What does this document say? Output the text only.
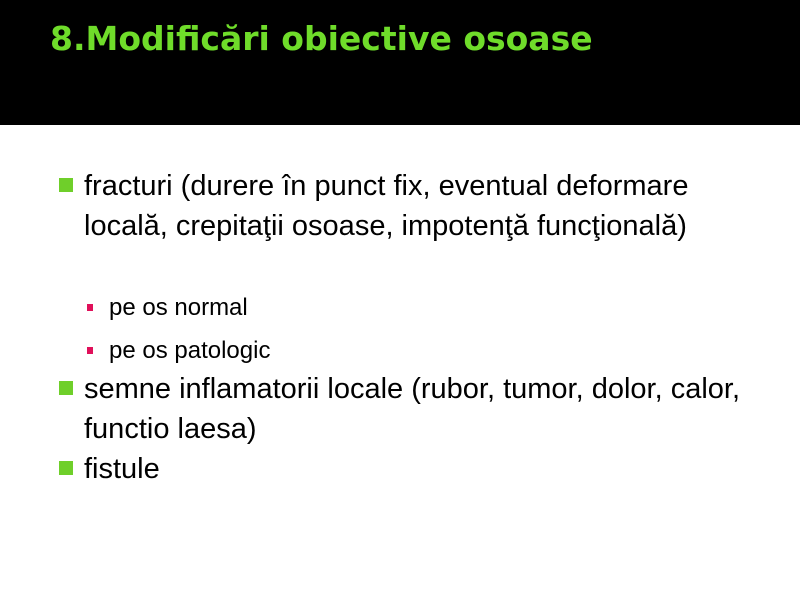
8.Modificări obiective osoase
fracturi (durere în punct fix, eventual deformare locală, crepitaţii osoase, impotenţă funcţională)
pe os normal
pe os patologic
semne inflamatorii locale (rubor, tumor, dolor, calor, functio laesa)
fistule
